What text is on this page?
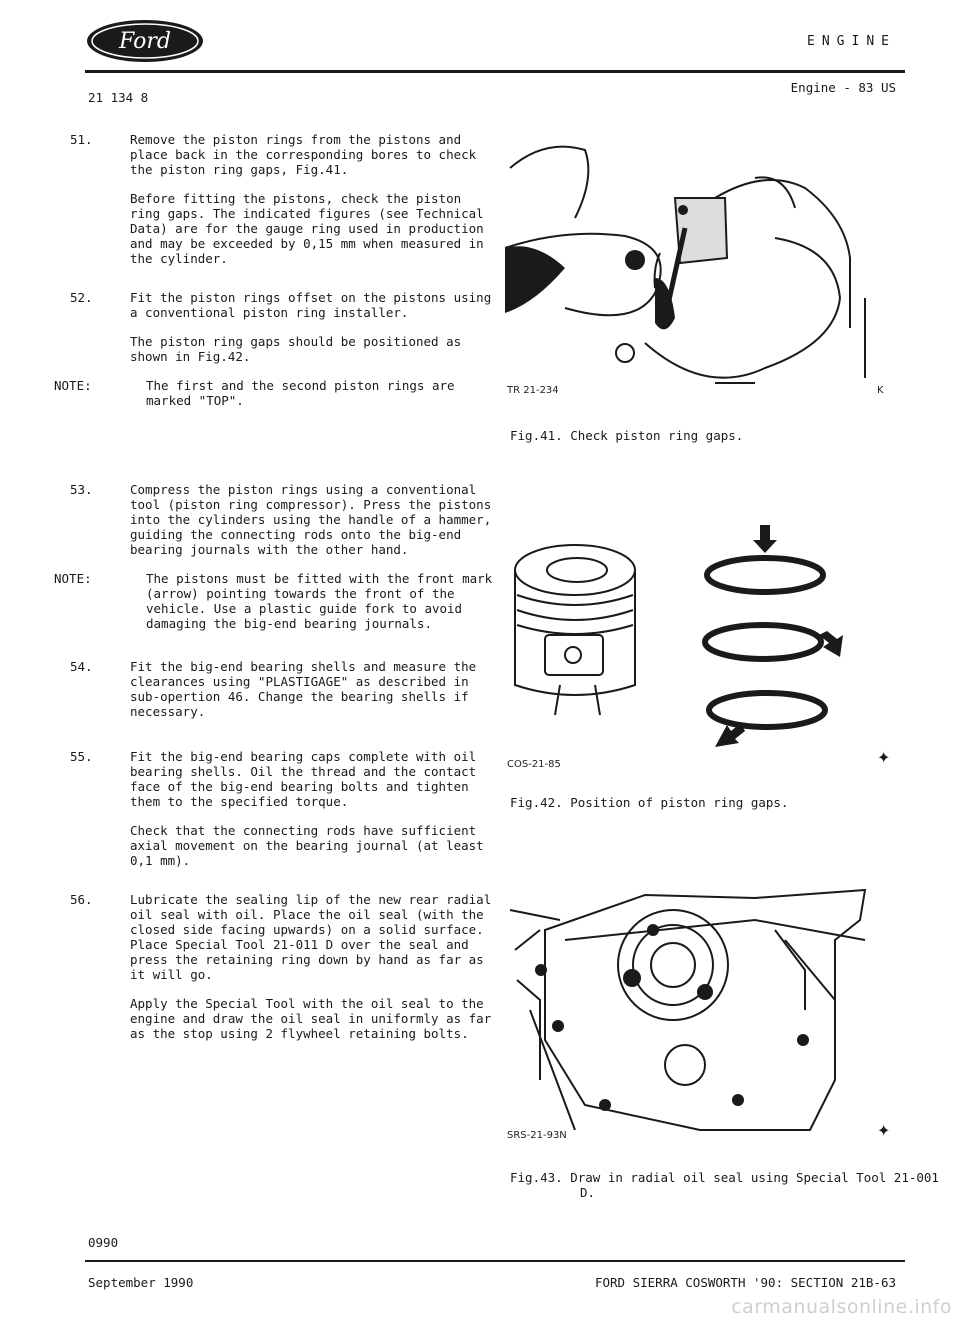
Ford	ENGINE
21 134 8
Engine - 83 US
51.	Remove the piston rings from the pistons and place back in the corresponding bores to check the piston ring gaps, Fig.41.
Before fitting the pistons, check the piston ring gaps. The indicated figures (see Technical Data) are for the gauge ring used in production and may be exceeded by 0,15 mm when measured in the cylinder.
52.	Fit the piston rings offset on the pistons using a conventional piston ring installer.
The piston ring gaps should be positioned as shown in Fig.42.
NOTE:	The first and the second piston rings are marked "TOP".
53.	Compress the piston rings using a conventional tool (piston ring compressor). Press the pistons into the cylinders using the handle of a hammer, guiding the connecting rods onto the big-end bearing journals with the other hand.
NOTE:	The pistons must be fitted with the front mark (arrow) pointing towards the front of the vehicle. Use a plastic guide fork to avoid damaging the big-end bearing journals.
54.	Fit the big-end bearing shells and measure the clearances using "PLASTIGAGE" as described in sub-opertion 46. Change the bearing shells if necessary.
55.	Fit the big-end bearing caps complete with oil bearing shells. Oil the thread and the contact face of the big-end bearing bolts and tighten them to the specified torque.
Check that the connecting rods have sufficient axial movement on the bearing journal (at least 0,1 mm).
56.	Lubricate the sealing lip of the new rear radial oil seal with oil. Place the oil seal (with the closed side facing upwards) on a solid surface. Place Special Tool 21-011 D over the seal and press the retaining ring down by hand as far as it will go.
Apply the Special Tool with the oil seal to the engine and draw the oil seal in uniformly as far as the stop using 2 flywheel retaining bolts.
TR 21-234	K
Fig.41. Check piston ring gaps.
COS-21-85	✦
Fig.42. Position of piston ring gaps.
SRS-21-93N	✦
Fig.43. Draw in radial oil seal using Special Tool 21-001 D.
0990
September 1990	FORD SIERRA COSWORTH '90: SECTION 21B-63
carmanualsonline.info
